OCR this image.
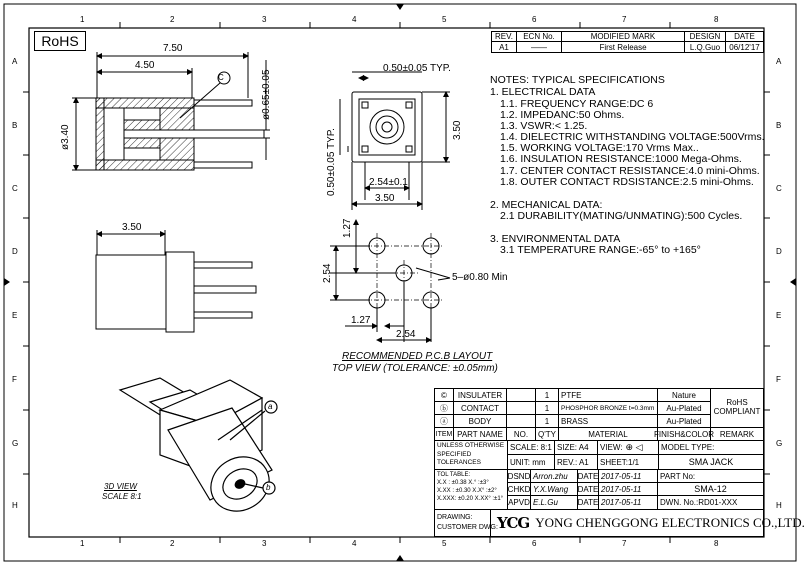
1	2	3	4	5	6	7	8
1	2	3	4	5	6	7	8
A
B
C
D
E
F
G
H
A
B
C
D
E
F
G
H
RoHS	7.50
4.50
C	ø0.65±0.05
ø3.40
0.50±0.05 TYP.
3.50
0.50±0.05 TYP.	2.54±0.1
3.50
3.50	1.27
2.54	5–ø0.80 Min
1.27
2.54
RECOMMENDED P.C.B LAYOUT
TOP VIEW (TOLERANCE: ±0.05mm)
a
b
3D VIEW
SCALE 8:1
REV.	ECN No.	MODIFIED MARK	DESIGN	DATE
A1	——	First Release	L.Q.Guo	06/12'17
NOTES: TYPICAL SPECIFICATIONS
1. ELECTRICAL DATA
1.1. FREQUENCY RANGE:DC 6
1.2. IMPEDANC:50 Ohms.
1.3. VSWR:< 1.25.
1.4. DIELECTRIC WITHSTANDING VOLTAGE:500Vrms.
1.5. WORKING VOLTAGE:170 Vrms Max..
1.6. INSULATION RESISTANCE:1000 Mega-Ohms.
1.7. CENTER CONTACT RESISTANCE:4.0 mini-Ohms.
1.8. OUTER CONTACT RDSISTANCE:2.5 mini-Ohms.
2. MECHANICAL DATA:
2.1 DURABILITY(MATING/UNMATING):500 Cycles.
3. ENVIRONMENTAL DATA
3.1 TEMPERATURE RANGE:-65° to +165°
©	INSULATER	1	PTFE	Nature
ⓑ	CONTACT	1	PHOSPHOR BRONZE t=0.3mm	Au-Plated
ⓐ	BODY	1	BRASS	Au-Plated
RoHS COMPLIANT
ITEM PART NAME	NO.	Q'TY	MATERIAL	FINISH&COLOR REMARK
UNLESS OTHERWISE SPECIFIED TOLERANCES
SCALE: 8:1 SIZE: A4	VIEW: ⊕ ◁	MODEL TYPE:
UNIT: mm	REV.: A1	SHEET:1/1	SMA JACK
TOL TABLE:
X.X : ±0.38 X.° :±3°
X.XX : ±0.30 X.X° :±2°
X.XXX: ±0.20 X.XX° :±1°
DSND Arron.zhu	DATE 2017-05-11
CHKD Y.X.Wang	DATE 2017-05-11
APVD E.L.Gu	DATE 2017-05-11
PART No:
SMA-12
DWN. No.:RD01-XXX
DRAWING:
CUSTOMER DWG: YCG YONG CHENGGONG ELECTRONICS CO.,LTD.
